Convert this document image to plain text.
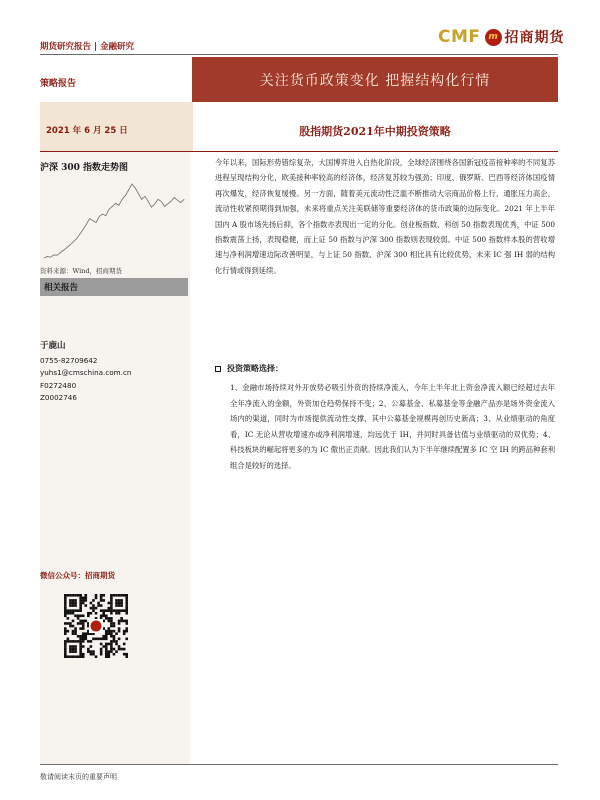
期货研究报告 | 金融研究	CMF m 招商期货
策略报告	关注货币政策变化 把握结构化行情
2021 年 6 月 25 日	股指期货2021年中期投资策略
沪深 300 指数走势图
资料来源：Wind，招商期货
相关报告
于鹿山
0755-82709642
yuhs1@cmschina.com.cn
F0272480
Z0002746
微信公众号：招商期货

今年以来，国际形势错综复杂，大国博弈进入白热化阶段，全球经济围绕各国新冠疫苗接种率的不同复苏进程呈现结构分化，欧美接种率较高的经济体，经济复苏较为强劲；印度、俄罗斯、巴西等经济体国疫情再次爆发，经济恢复缓慢。另一方面，随着美元流动性泛滥不断推动大宗商品价格上行，通胀压力高企，流动性收紧预期得到加强，未来将重点关注美联储等重要经济体的货币政策的边际变化。2021 年上半年国内 A 股市场先扬后抑，各个指数亦表现出一定的分化。创业板指数、科创 50 指数表现优秀，中证 500 指数震荡上扬，表现稳健，而上证 50 指数与沪深 300 指数则表现较弱。中证 500 指数样本股的营收增速与净利润增速边际改善明显，与上证 50 指数、沪深 300 相比具有比较优势，未来 IC 强 IH 弱的结构化行情或得到延续。

投资策略选择：
1、金融市场持续对外开放势必吸引外资的持续净流入，今年上半年北上资金净流入额已经超过去年全年净流入的金额，外资加仓趋势保持不变；2、公募基金、私募基金等金融产品亦是场外资金流入场内的渠道，同时为市场提供流动性支撑，其中公募基金规模再创历史新高；3、从业绩驱动的角度看，IC 无论从营收增速亦或净利润增速，均远优于 IH，并同时具备估值与业绩驱动的双优势；4、科技板块的崛起将更多的为 IC 傲出正贡献。因此我们认为下半年继续配置多 IC 空 IH 的跨品种套利组合是较好的选择。
敬请阅读末页的重要声明
